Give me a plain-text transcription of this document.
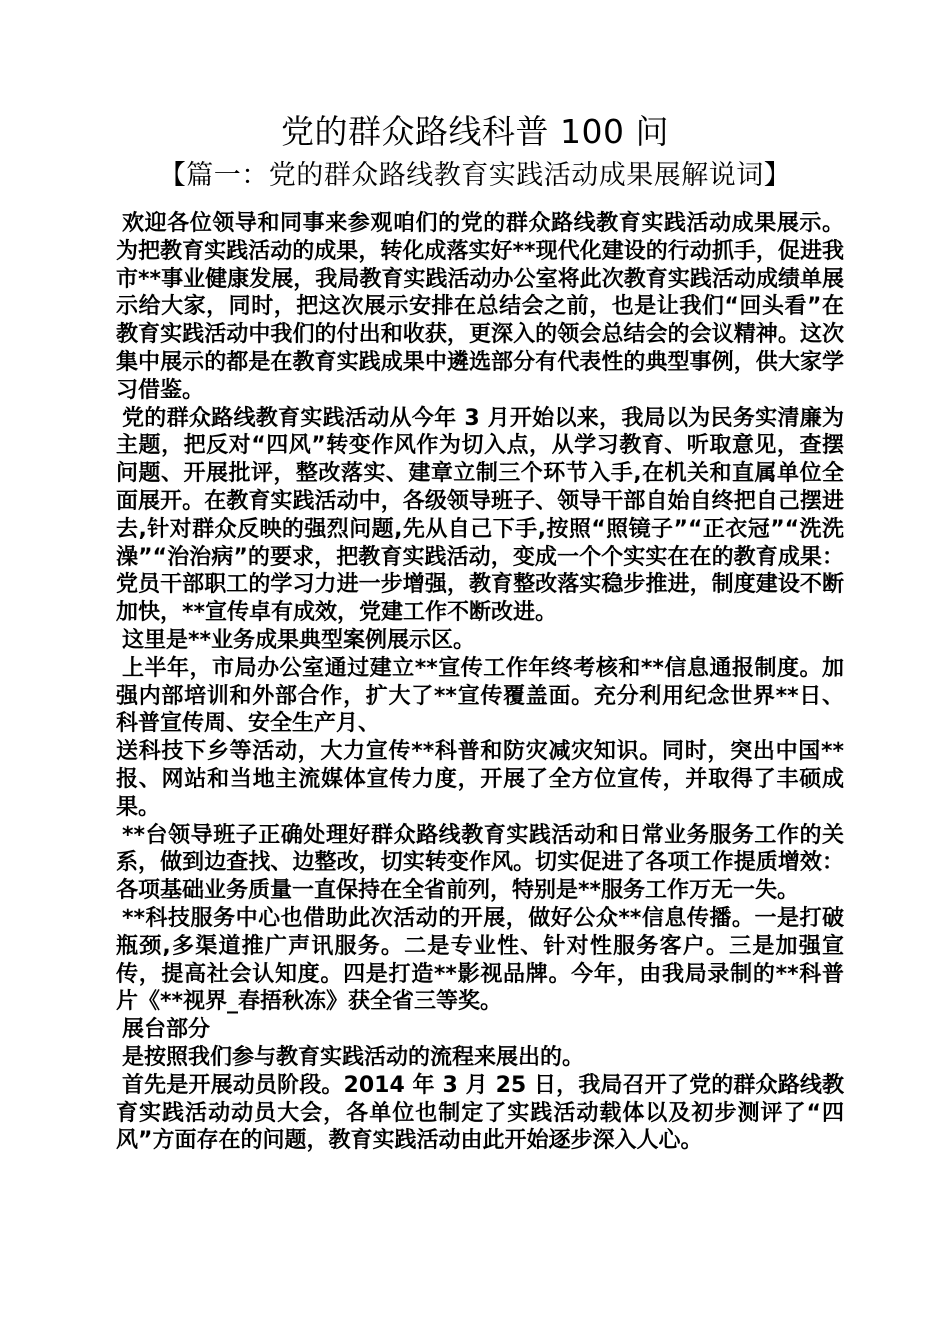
党的群众路线科普 100 问
【篇一：党的群众路线教育实践活动成果展解说词】

欢迎各位领导和同事来参观咱们的党的群众路线教育实践活动成果展示。为把教育实践活动的成果，转化成落实好**现代化建设的行动抓手，促进我市**事业健康发展，我局教育实践活动办公室将此次教育实践活动成绩单展示给大家，同时，把这次展示安排在总结会之前，也是让我们“回头看”在教育实践活动中我们的付出和收获，更深入的领会总结会的会议精神。这次集中展示的都是在教育实践成果中遴选部分有代表性的典型事例，供大家学习借鉴。

党的群众路线教育实践活动从今年 3 月开始以来，我局以为民务实清廉为主题，把反对“四风”转变作风作为切入点，从学习教育、听取意见，查摆问题、开展批评，整改落实、建章立制三个环节入手,在机关和直属单位全面展开。在教育实践活动中，各级领导班子、领导干部自始自终把自己摆进去,针对群众反映的强烈问题,先从自己下手,按照“照镜子”“正衣冠”“洗洗澡”“治治病”的要求，把教育实践活动，变成一个个实实在在的教育成果：党员干部职工的学习力进一步增强，教育整改落实稳步推进，制度建设不断加快，**宣传卓有成效，党建工作不断改进。

这里是**业务成果典型案例展示区。

上半年，市局办公室通过建立**宣传工作年终考核和**信息通报制度。加强内部培训和外部合作，扩大了**宣传覆盖面。充分利用纪念世界**日、科普宣传周、安全生产月、

送科技下乡等活动，大力宣传**科普和防灾减灾知识。同时，突出中国**报、网站和当地主流媒体宣传力度，开展了全方位宣传，并取得了丰硕成果。

**台领导班子正确处理好群众路线教育实践活动和日常业务服务工作的关系，做到边查找、边整改，切实转变作风。切实促进了各项工作提质增效：各项基础业务质量一直保持在全省前列，特别是**服务工作万无一失。

**科技服务中心也借助此次活动的开展，做好公众**信息传播。一是打破瓶颈,多渠道推广声讯服务。二是专业性、针对性服务客户。三是加强宣传，提高社会认知度。四是打造**影视品牌。今年，由我局录制的**科普片《**视界_春捂秋冻》获全省三等奖。

展台部分

是按照我们参与教育实践活动的流程来展出的。

首先是开展动员阶段。2014 年 3 月 25 日，我局召开了党的群众路线教育实践活动动员大会，各单位也制定了实践活动载体以及初步测评了“四风”方面存在的问题，教育实践活动由此开始逐步深入人心。
